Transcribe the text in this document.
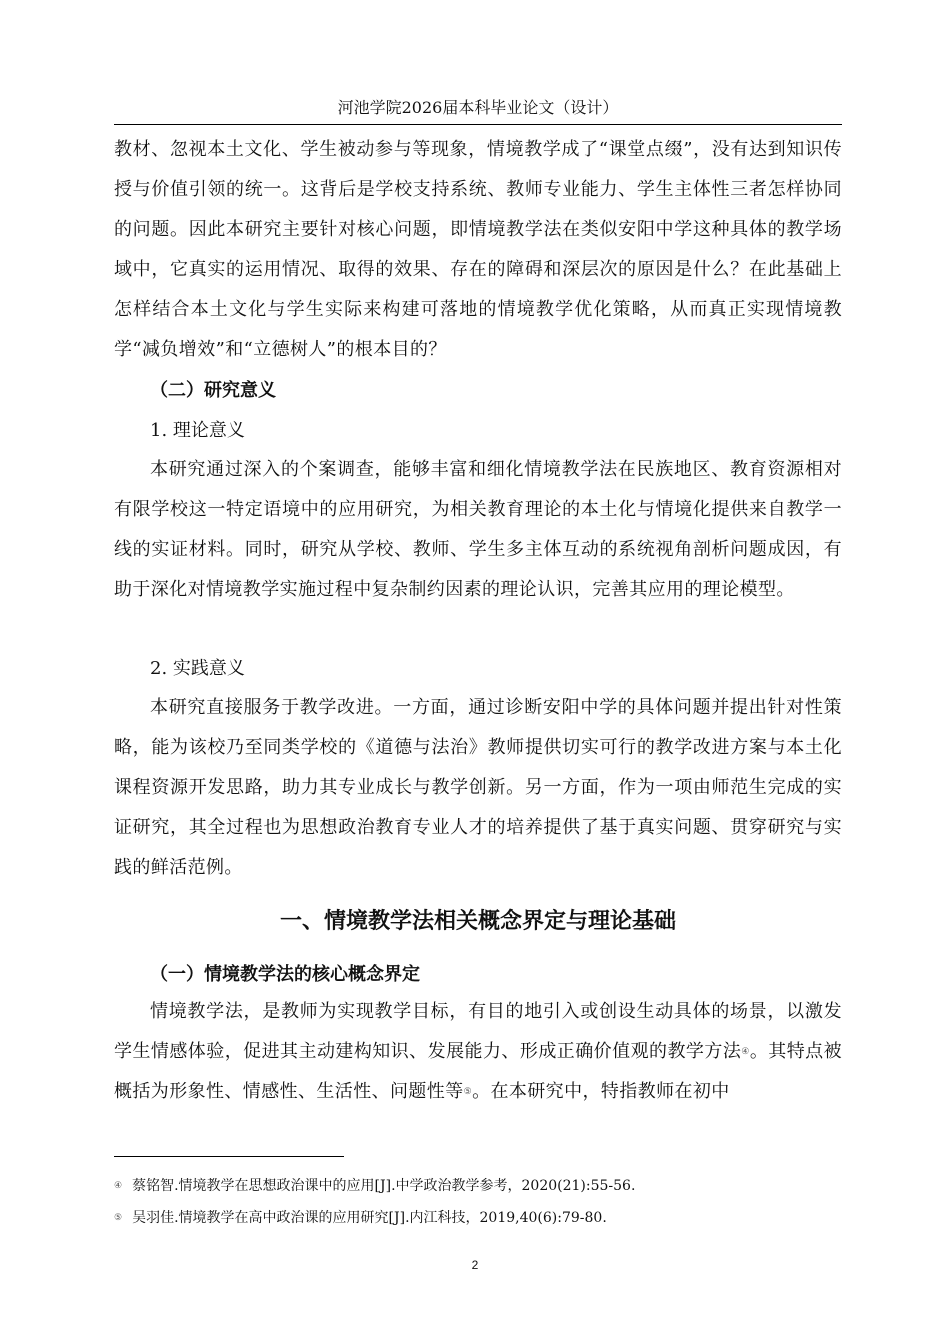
河池学院2026届本科毕业论文（设计）

教材、忽视本土文化、学生被动参与等现象，情境教学成了“课堂点缀”，没有达到知识传授与价值引领的统一。这背后是学校支持系统、教师专业能力、学生主体性三者怎样协同的问题。因此本研究主要针对核心问题，即情境教学法在类似安阳中学这种具体的教学场域中，它真实的运用情况、取得的效果、存在的障碍和深层次的原因是什么？在此基础上怎样结合本土文化与学生实际来构建可落地的情境教学优化策略，从而真正实现情境教学“减负增效”和“立德树人”的根本目的？

（二）研究意义
1. 理论意义

本研究通过深入的个案调查，能够丰富和细化情境教学法在民族地区、教育资源相对有限学校这一特定语境中的应用研究，为相关教育理论的本土化与情境化提供来自教学一线的实证材料。同时，研究从学校、教师、学生多主体互动的系统视角剖析问题成因，有助于深化对情境教学实施过程中复杂制约因素的理论认识，完善其应用的理论模型。

2. 实践意义

本研究直接服务于教学改进。一方面，通过诊断安阳中学的具体问题并提出针对性策略，能为该校乃至同类学校的《道德与法治》教师提供切实可行的教学改进方案与本土化课程资源开发思路，助力其专业成长与教学创新。另一方面，作为一项由师范生完成的实证研究，其全过程也为思想政治教育专业人才的培养提供了基于真实问题、贯穿研究与实践的鲜活范例。

一、情境教学法相关概念界定与理论基础
（一）情境教学法的核心概念界定

情境教学法，是教师为实现教学目标，有目的地引入或创设生动具体的场景，以激发学生情感体验，促进其主动建构知识、发展能力、形成正确价值观的教学方法④。其特点被概括为形象性、情感性、生活性、问题性等⑤。在本研究中，特指教师在初中

④ 蔡铭智.情境教学在思想政治课中的应用[J].中学政治教学参考，2020(21):55-56.
⑤ 吴羽佳.情境教学在高中政治课的应用研究[J].内江科技，2019,40(6):79-80.
2
